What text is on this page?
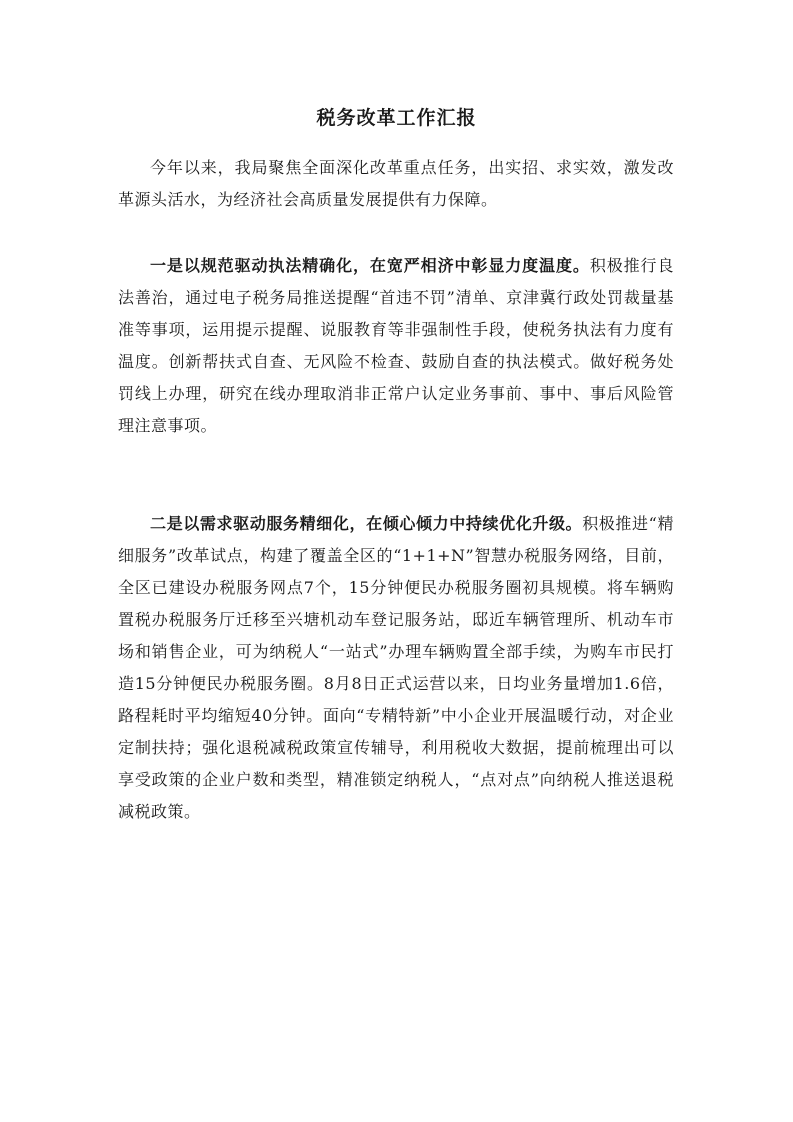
税务改革工作汇报

今年以来，我局聚焦全面深化改革重点任务，出实招、求实效，激发改革源头活水，为经济社会高质量发展提供有力保障。

一是以规范驱动执法精确化，在宽严相济中彰显力度温度。积极推行良法善治，通过电子税务局推送提醒“首违不罚”清单、京津冀行政处罚裁量基准等事项，运用提示提醒、说服教育等非强制性手段，使税务执法有力度有温度。创新帮扶式自查、无风险不检查、鼓励自查的执法模式。做好税务处罚线上办理，研究在线办理取消非正常户认定业务事前、事中、事后风险管理注意事项。

二是以需求驱动服务精细化，在倾心倾力中持续优化升级。积极推进“精细服务”改革试点，构建了覆盖全区的“1+1+N”智慧办税服务网络，目前，全区已建设办税服务网点7个，15分钟便民办税服务圈初具规模。将车辆购置税办税服务厅迁移至兴塘机动车登记服务站，邸近车辆管理所、机动车市场和销售企业，可为纳税人“一站式”办理车辆购置全部手续，为购车市民打造15分钟便民办税服务圈。8月8日正式运营以来，日均业务量增加1.6倍，路程耗时平均缩短40分钟。面向“专精特新”中小企业开展温暖行动，对企业定制扶持；强化退税减税政策宣传辅导，利用税收大数据，提前梳理出可以享受政策的企业户数和类型，精准锁定纳税人，“点对点”向纳税人推送退税减税政策。
